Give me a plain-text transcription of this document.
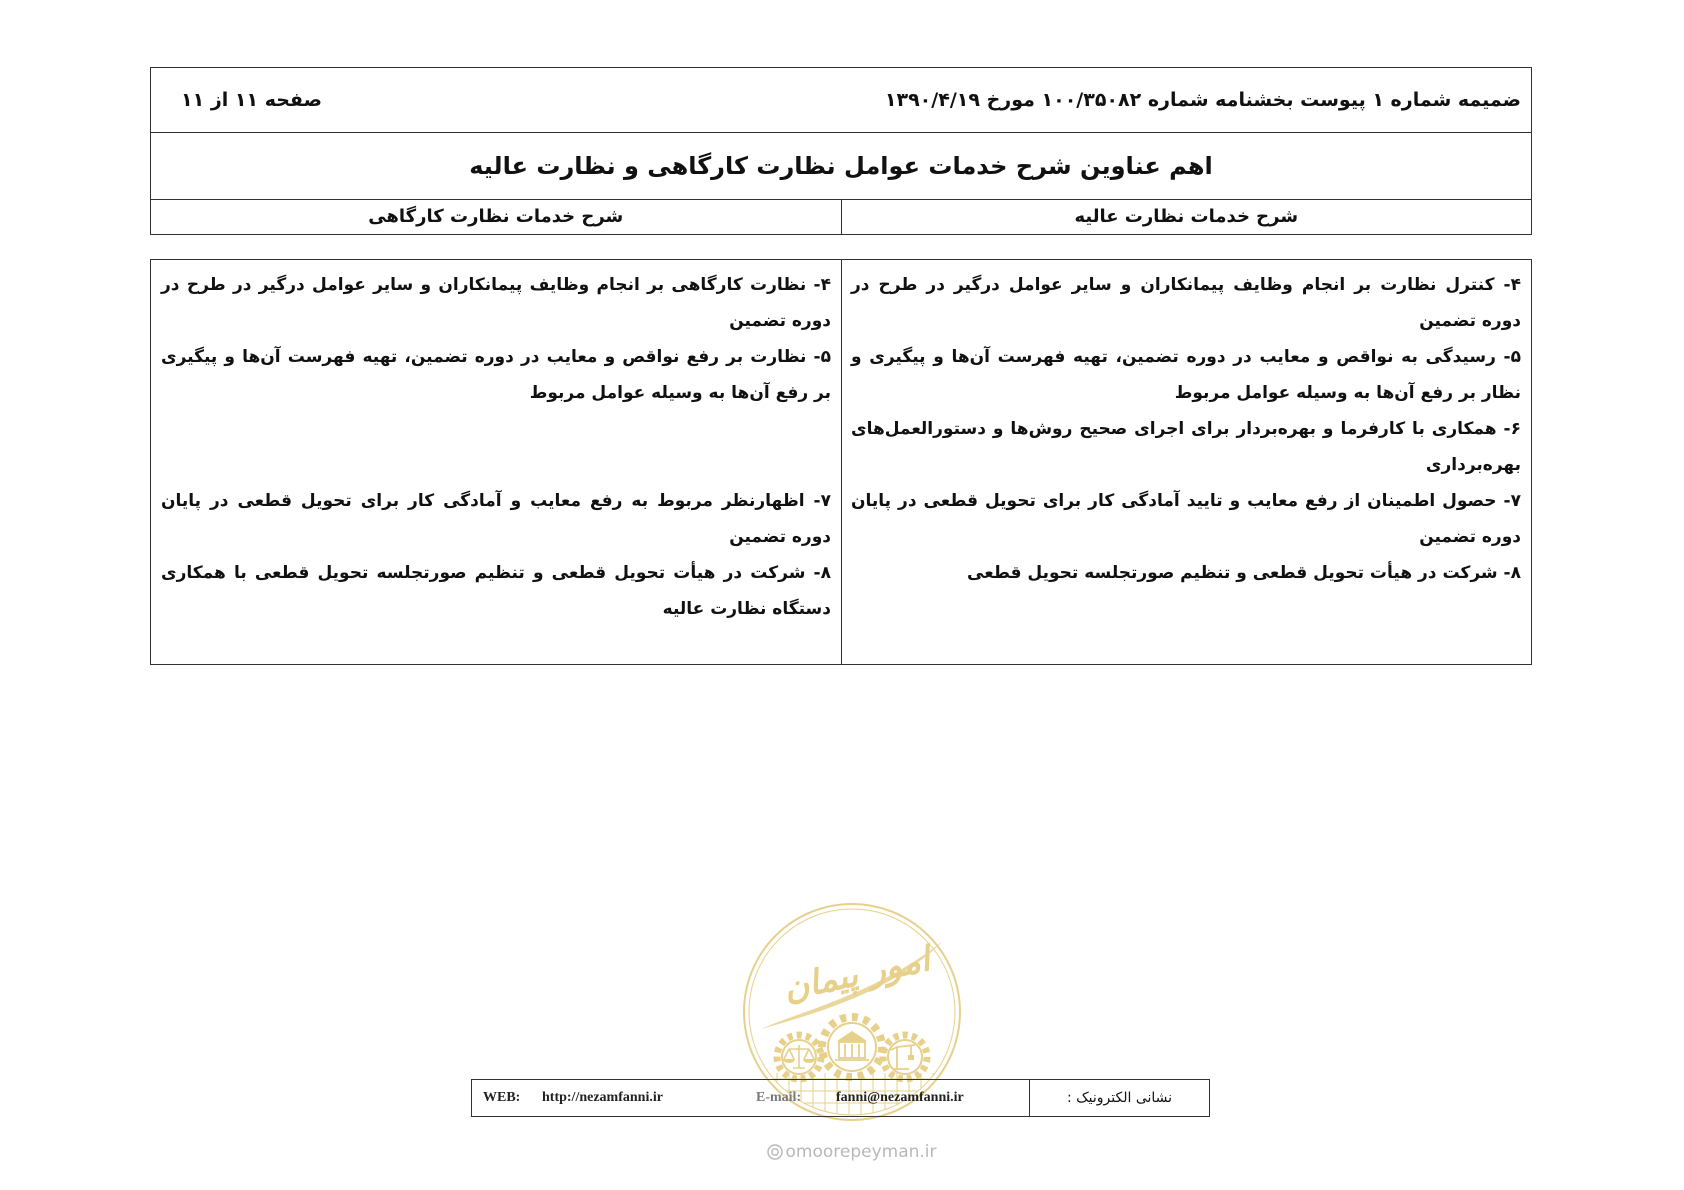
ضمیمه شماره ۱ پیوست بخشنامه شماره ۱۰۰/۳۵۰۸۲ مورخ ۱۳۹۰/۴/۱۹
صفحه ۱۱ از ۱۱
اهم عناوین شرح خدمات عوامل نظارت کارگاهی و نظارت عالیه
شرح خدمات نظارت عالیه
شرح خدمات نظارت کارگاهی
۴- کنترل نظارت بر انجام وظایف پیمانکاران و سایر عوامل درگیر در طرح در دوره تضمین
۴- نظارت کارگاهی بر انجام وظایف پیمانکاران و سایر عوامل درگیر در طرح در دوره تضمین
۵- رسیدگی به نواقص و معایب در دوره تضمین، تهیه فهرست آن‌ها و پیگیری و نظار بر رفع آن‌ها به وسیله عوامل مربوط
۵- نظارت بر رفع نواقص و معایب در دوره تضمین، تهیه فهرست آن‌ها و پیگیری بر رفع آن‌ها به وسیله عوامل مربوط
۶- همکاری با کارفرما و بهره‌بردار برای اجرای صحیح روش‌ها و دستورالعمل‌های بهره‌برداری
۷- حصول اطمینان از رفع معایب و تایید آمادگی کار برای تحویل قطعی در پایان دوره تضمین
۷- اظهارنظر مربوط به رفع معایب و آمادگی کار برای تحویل قطعی در پایان دوره تضمین
۸- شرکت در هیأت تحویل قطعی و تنظیم صورتجلسه تحویل قطعی
۸- شرکت در هیأت تحویل قطعی و تنظیم صورتجلسه تحویل قطعی با همکاری دستگاه نظارت عالیه
امور پیمان
نشانی الکترونیک :
WEB: http://nezamfanni.ir	E-mail: fanni@nezamfanni.ir
omoorepeyman.ir
